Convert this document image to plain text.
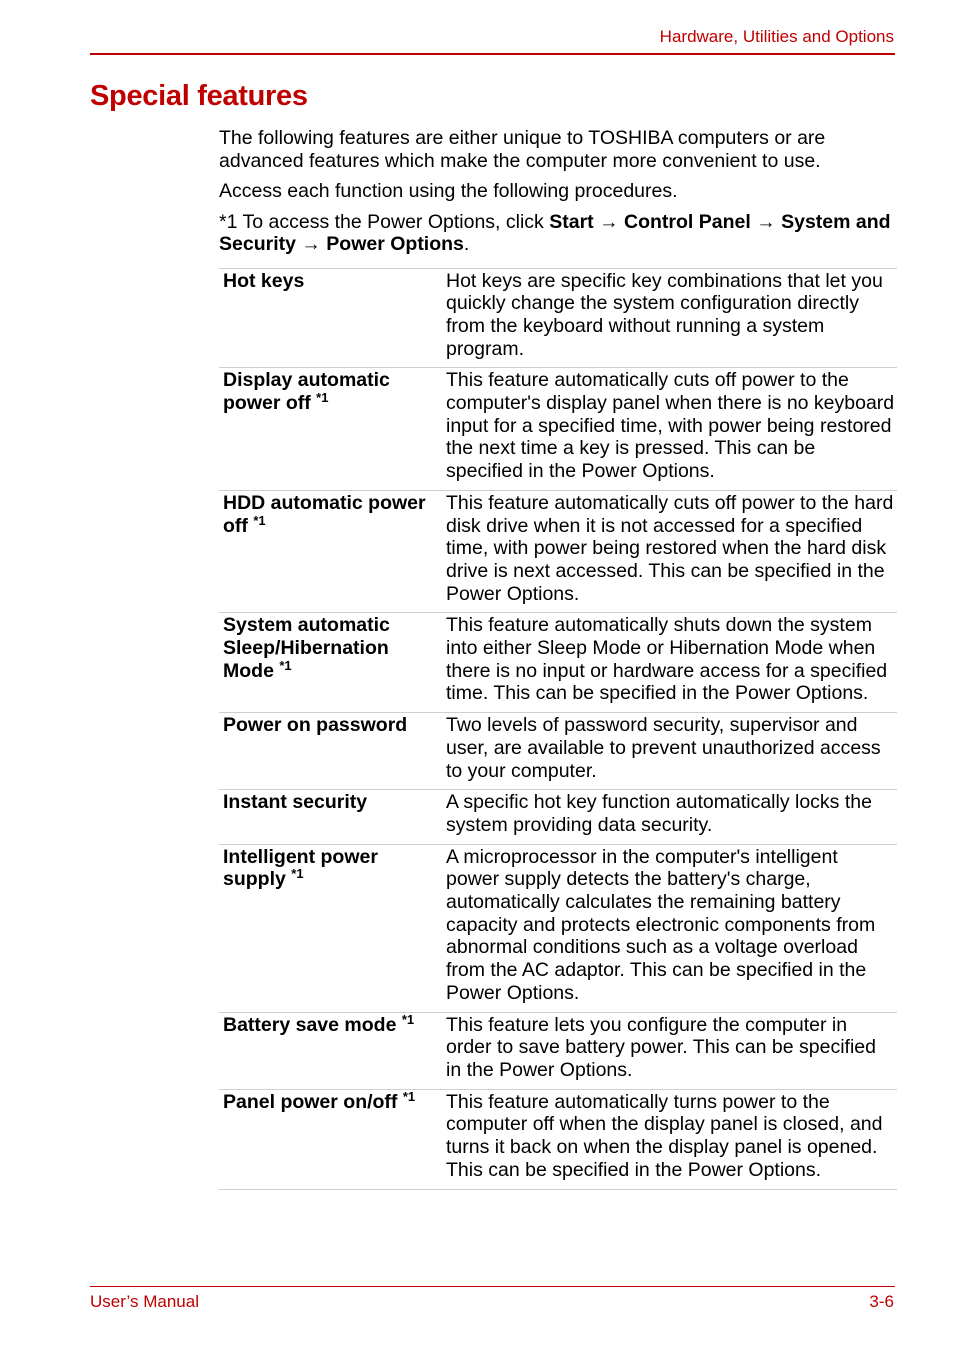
Hardware, Utilities and Options
Special features

The following features are either unique to TOSHIBA computers or are advanced features which make the computer more convenient to use.

Access each function using the following procedures.

*1 To access the Power Options, click Start → Control Panel → System and Security → Power Options.

Hot keys	Hot keys are specific key combinations that let you quickly change the system configuration directly from the keyboard without running a system program.
Display automatic power off $^{*1}$	This feature automatically cuts off power to the computer's display panel when there is no keyboard input for a specified time, with power being restored the next time a key is pressed. This can be specified in the Power Options.
HDD automatic power off $^{*1}$	This feature automatically cuts off power to the hard disk drive when it is not accessed for a specified time, with power being restored when the hard disk drive is next accessed. This can be specified in the Power Options.
System automatic Sleep/Hibernation Mode $^{*1}$	This feature automatically shuts down the system into either Sleep Mode or Hibernation Mode when there is no input or hardware access for a specified time. This can be specified in the Power Options.
Power on password	Two levels of password security, supervisor and user, are available to prevent unauthorized access to your computer.
Instant security	A specific hot key function automatically locks the system providing data security.
Intelligent power supply $^{*1}$	A microprocessor in the computer's intelligent power supply detects the battery's charge, automatically calculates the remaining battery capacity and protects electronic components from abnormal conditions such as a voltage overload from the AC adaptor. This can be specified in the Power Options.
Battery save mode $^{*1}$	This feature lets you configure the computer in order to save battery power. This can be specified in the Power Options.
Panel power on/off $^{*1}$	This feature automatically turns power to the computer off when the display panel is closed, and turns it back on when the display panel is opened. This can be specified in the Power Options.
User’s Manual	3-6
